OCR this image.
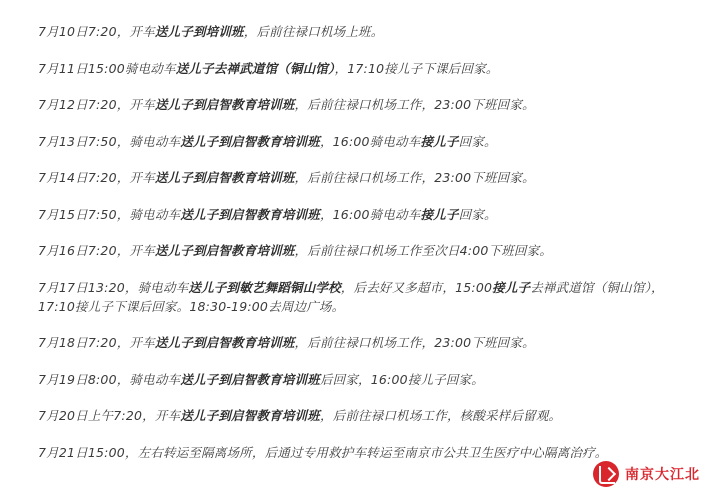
7月10日7:20，开车送儿子到培训班，后前往禄口机场上班。
7月11日15:00骑电动车送儿子去禅武道馆（铜山馆），17:10接儿子下课后回家。
7月12日7:20，开车送儿子到启智教育培训班，后前往禄口机场工作，23:00下班回家。
7月13日7:50，骑电动车送儿子到启智教育培训班，16:00骑电动车接儿子回家。
7月14日7:20，开车送儿子到启智教育培训班，后前往禄口机场工作，23:00下班回家。
7月15日7:50，骑电动车送儿子到启智教育培训班，16:00骑电动车接儿子回家。
7月16日7:20，开车送儿子到启智教育培训班，后前往禄口机场工作至次日4:00下班回家。
7月17日13:20，骑电动车送儿子到敏艺舞蹈铜山学校，后去好又多超市，15:00接儿子去禅武道馆（铜山馆），17:10接儿子下课后回家。18:30-19:00去周边广场。
7月18日7:20，开车送儿子到启智教育培训班，后前往禄口机场工作，23:00下班回家。
7月19日8:00，骑电动车送儿子到启智教育培训班后回家，16:00接儿子回家。
7月20日上午7:20，开车送儿子到启智教育培训班，后前往禄口机场工作，核酸采样后留观。
7月21日15:00，左右转运至隔离场所，后通过专用救护车转运至南京市公共卫生医疗中心隔离治疗。
南京大江北
